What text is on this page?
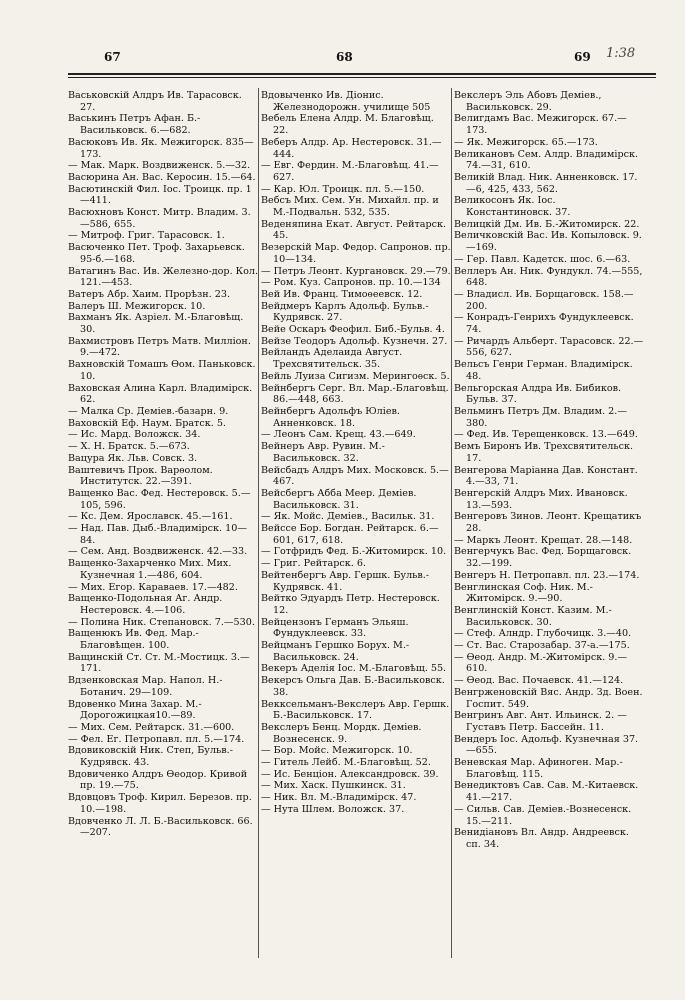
67	68	69 1:38

Васьковскій Алдръ Ив. Тарасовск. 27.

Васькинъ Петръ Афан. Б.-Васильковск. 6.—682.

Васюковъ Ив. Як. Межигорск. 835—173.

— Мак. Марк. Воздвиженск. 5.—32.

Васюрина Ан. Вас. Керосин. 15.—64.

Васютинскій Фил. Іос. Троицк. пр. 1—411.

Васюхновъ Конст. Митр. Владим. 3.—586, 655.

— Митроф. Григ. Тарасовск. 1.

Васюченко Пет. Троф. Захарьевск. 95-б.—168.

Ватагинъ Вас. Ив. Железно-дор. Кол. 121.—453.

Ватеръ Абр. Хаим. Прорѣзн. 23.

Валеръ Ш. Межигорск. 10.

Вахманъ Як. Азріел. М.-Благовѣщ. 30.

Вахмистровъ Петръ Матв. Милліон. 9.—472.

Вахновскій Томашъ Ѳом. Паньковск. 10.

Ваховская Алина Карл. Владимірск. 62.

— Малка Ср. Деміев.-базарн. 9.

Ваховскій Еф. Наум. Братск. 5.

— Ис. Мард. Воложск. 34.

— Х. Н. Братск. 5.—673.

Вацура Як. Льв. Совск. 3.

Ваштевичъ Прок. Варѳолом. Институтск. 22.—391.

Ващенко Вас. Фед. Нестеровск. 5.—105, 596.

— Кс. Дем. Ярославск. 45.—161.

— Над. Пав. Дыб.-Владимірск. 10—84.

— Сем. Анд. Воздвиженск. 42.—33.

Ващенко-Захарченко Мих. Мих. Кузнечная 1.—486, 604.

— Мих. Егор. Караваев. 17.—482.

Ващенко-Подольная Аг. Андр. Нестеровск. 4.—106.

— Полина Ник. Степановск. 7.—530.

Ващенюкъ Ив. Фед. Мар.-Благовѣщен. 100.

Ващинскій Ст. Ст. М.-Мостицк. 3.—171.

Вдзенковская Мар. Напол. Н.-Ботанич. 29—109.

Вдовенко Мина Захар. М.-Дорогожицкая10.—89.

— Мих. Сем. Рейтарск. 31.—600.

— Фел. Ег. Петропавл. пл. 5.—174.

Вдовиковскій Ник. Степ, Бульв.-Кудрявск. 43.

Вдовиченко Алдръ Ѳеодор. Кривой пр. 19.—75.

Вдовцовъ Троф. Кирил. Березов. пр. 10.—198.

Вдовченко Л. Л. Б.-Васильковск. 66.—207.

Вдовыченко Ив. Діонис. Железнодорожн. училище 505

Вебель Елена Алдр. М. Благовѣщ. 22.

Веберъ Алдр. Ар. Нестеровск. 31.—444.

— Евг. Фердин. М.-Благовѣщ. 41.—627.

— Кар. Юл. Троицк. пл. 5.—150.

Вебсъ Мих. Сем. Ун. Михайл. пр. и М.-Подвальн. 532, 535.

Веденяпина Екат. Август. Рейтарск. 45.

Везерскій Мар. Федор. Сапронов. пр. 10—134.

— Петръ Леонт. Кургановск. 29.—79.

— Ром. Куз. Сапронов. пр. 10.—134

Вей Ив. Франц. Тимоѳеевск. 12.

Вейдмеръ Карлъ Адольф. Бульв.-Кудрявск. 27.

Вейе Оскаръ Феофил. Биб.-Бульв. 4.

Вейзе Теодоръ Адольф. Кузнечн. 27.

Вейландъ Аделаида Август. Трехсвятительск. 35.

Вейль Луиза Сигизм. Мерингоѳск. 5.

Вейнбергъ Серг. Вл. Мар.-Благовѣщ. 86.—448, 663.

Вейнбергъ Адольфъ Юліев. Анненковск. 18.

— Леонъ Сам. Крещ. 43.—649.

Вейнеръ Авр. Рувин. М.-Васильковск. 32.

Вейсбадъ Алдръ Мих. Московск. 5.—467.

Вейсбергъ Абба Меер. Деміев. Васильковск. 31.

— Як. Мойс. Деміев., Васильк. 31.

Вейссе Бор. Богдан. Рейтарск. 6.—601, 617, 618.

— Готфридъ Фед. Б.-Житомирск. 10.

— Григ. Рейтарск. 6.

Вейтенбергъ Авр. Гершк. Бульв.-Кудрявск. 41.

Вейтко Эдуардъ Петр. Нестеровск. 12.

Вейцензонъ Германъ Эльяш. Фундуклеевск. 33.

Вейцманъ Гершко Борух. М.-Васильковск. 24.

Векеръ Аделія Іос. М.-Благовѣщ. 55.

Векерсъ Ольга Дав. Б.-Васильковск. 38.

Векксельманъ-Векслеръ Авр. Гершк. Б.-Васильковск. 17.

Векслеръ Бенц. Мордк. Деміев. Вознесенск. 9.

— Бор. Мойс. Межигорск. 10.

— Гитель Лейб. М.-Благовѣщ. 52.

— Ис. Бенціон. Александровск. 39.

— Мих. Хаск. Пушкинск. 31.

— Ник. Вл. М.-Владимірск. 47.

— Нута Шлем. Воложск. 37.

Векслеръ Эль Абовъ Деміев., Васильковск. 29.

Велигдамъ Вас. Межигорск. 67.—173.

— Як. Межигорск. 65.—173.

Великановъ Сем. Алдр. Владимірск. 74.—31, 610.

Великій Влад. Ник. Анненковск. 17.—6, 425, 433, 562.

Велико​сонъ Як. Іос. Константиновск. 37.

Велицкій Дм. Ив. Б.-Житомирск. 22.

Величковскій Вас. Ив. Копыловск. 9.—169.

— Гер. Павл. Кадетск. шос. 6.—63.

Веллеръ Ан. Ник. Фундукл. 74.—555, 648.

— Владисл. Ив. Борщаговск. 158.—200.

— Конрадъ-Генрихъ Фундуклеевск. 74.

— Ричардъ Альберт. Тарасовск. 22.—556, 627.

Вельсъ Генри Герман. Владимірск. 48.

Вельгорская Алдра Ив. Бибиков. Бульв. 37.

Вельминъ Петръ Дм. Владим. 2.—380.

— Фед. Ив. Терещенковск. 13.—649.

Вемъ Биронъ Ив. Трехсвятительск. 17.

Венгерова Маріанна Дав. Констант. 4.—33, 71.

Венгерскій Алдръ Мих. Ивановск. 13.—593.

Венгеровъ Зинов. Леонт. Крещатикъ 28.

— Маркъ Леонт. Крещат. 28.—148.

Венгерчукъ Вас. Фед. Борщаговск. 32.—199.

Венгеръ Н. Петропавл. пл. 23.—174.

Венглинская Соф. Ник. М.-Житомірск. 9.—90.

Венглинскій Конст. Казим. М.-Васильковск. 30.

— Стеф. Алндр. Глубочицк. 3.—40.

— Ст. Вас. Старозабар. 37-а.—175.

— Ѳеод. Андр. М.-Житомірск. 9.—610.

— Ѳеод. Вас. Почаевск. 41.—124.

Венгрженовскій Вяс. Андр. Зд. Воен. Госпит. 549.

Венгринъ Авг. Ант. Ильинск. 2. —Густавъ Петр. Бассейн. 11.

Вендеръ Іос. Адольф. Кузнечная 37.—655.

Веневская Мар. Афиноген. Мар.-Благовѣщ. 115.

Венедиктовъ Сав. Сав. М.-Китаевск. 41.—217.

— Сильв. Сав. Деміев.-Вознесенск. 15.—211.

Венидіановъ Вл. Андр. Андреевск. сп. 34.
